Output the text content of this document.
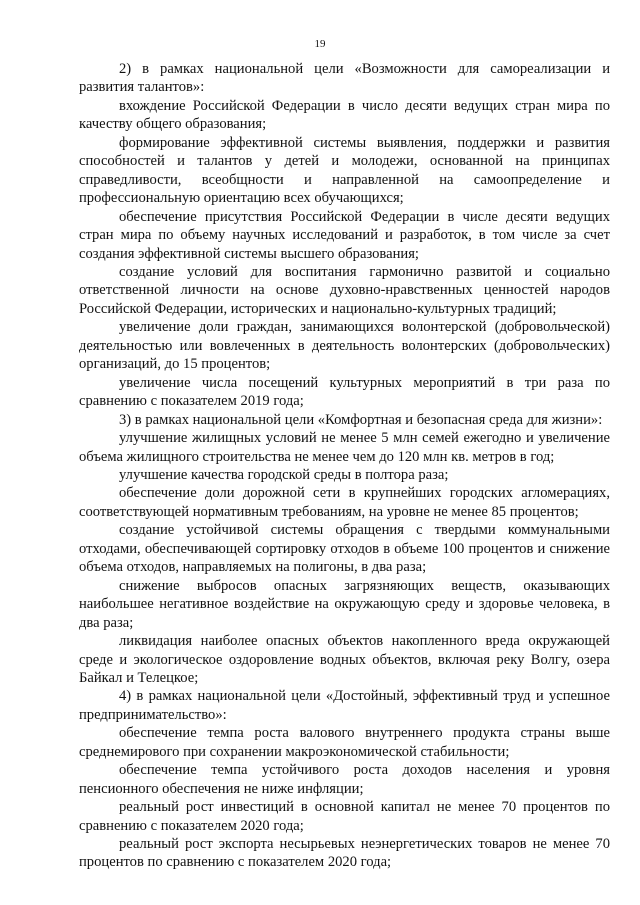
19

2) в рамках национальной цели «Возможности для самореализации и развития талантов»:

вхождение Российской Федерации в число десяти ведущих стран мира по качеству общего образования;

формирование эффективной системы выявления, поддержки и развития способностей и талантов у детей и молодежи, основанной на принципах справедливости, всеобщности и направленной на самоопределение и профессиональную ориентацию всех обучающихся;

обеспечение присутствия Российской Федерации в числе десяти ведущих стран мира по объему научных исследований и разработок, в том числе за счет создания эффективной системы высшего образования;

создание условий для воспитания гармонично развитой и социально ответственной личности на основе духовно-нравственных ценностей народов Российской Федерации, исторических и национально-культурных традиций;

увеличение доли граждан, занимающихся волонтерской (добровольческой) деятельностью или вовлеченных в деятельность волонтерских (добровольческих) организаций, до 15 процентов;

увеличение числа посещений культурных мероприятий в три раза по сравнению с показателем 2019 года;

3) в рамках национальной цели «Комфортная и безопасная среда для жизни»:

улучшение жилищных условий не менее 5 млн семей ежегодно и увеличение объема жилищного строительства не менее чем до 120 млн кв. метров в год;

улучшение качества городской среды в полтора раза;

обеспечение доли дорожной сети в крупнейших городских агломерациях, соответствующей нормативным требованиям, на уровне не менее 85 процентов;

создание устойчивой системы обращения с твердыми коммунальными отходами, обеспечивающей сортировку отходов в объеме 100 процентов и снижение объема отходов, направляемых на полигоны, в два раза;

снижение выбросов опасных загрязняющих веществ, оказывающих наибольшее негативное воздействие на окружающую среду и здоровье человека, в два раза;

ликвидация наиболее опасных объектов накопленного вреда окружающей среде и экологическое оздоровление водных объектов, включая реку Волгу, озера Байкал и Телецкое;

4) в рамках национальной цели «Достойный, эффективный труд и успешное предпринимательство»:

обеспечение темпа роста валового внутреннего продукта страны выше среднемирового при сохранении макроэкономической стабильности;

обеспечение темпа устойчивого роста доходов населения и уровня пенсионного обеспечения не ниже инфляции;

реальный рост инвестиций в основной капитал не менее 70 процентов по сравнению с показателем 2020 года;

реальный рост экспорта несырьевых неэнергетических товаров не менее 70 процентов по сравнению с показателем 2020 года;
